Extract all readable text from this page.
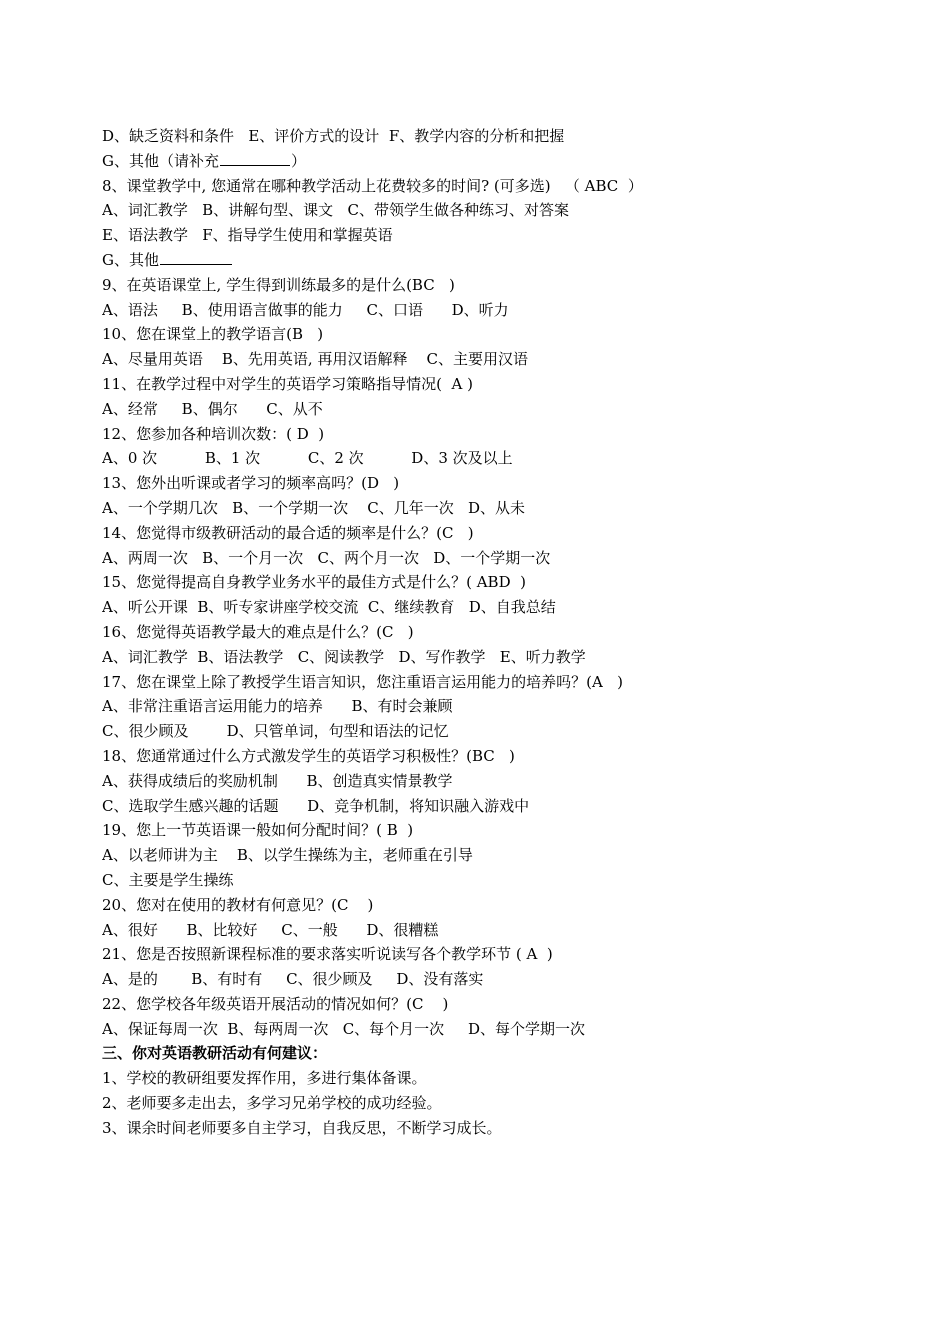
D、缺乏资料和条件   E、评价方式的设计  F、教学内容的分析和把握
G、其他（请补充	）
8、课堂教学中, 您通常在哪种教学活动上花费较多的时间? (可多选)   （ ABC  ）
A、词汇教学   B、讲解句型、课文   C、带领学生做各种练习、对答案
E、语法教学   F、指导学生使用和掌握英语
G、其他
9、在英语课堂上, 学生得到训练最多的是什么(BC   )
A、语法     B、使用语言做事的能力     C、口语      D、听力
10、您在课堂上的教学语言(B   )
A、尽量用英语    B、先用英语, 再用汉语解释    C、主要用汉语
11、在教学过程中对学生的英语学习策略指导情况(  A )
A、经常     B、偶尔      C、从不
12、您参加各种培训次数：( D  )
A、0 次          B、1 次          C、2 次          D、3 次及以上
13、您外出听课或者学习的频率高吗？(D   )
A、一个学期几次   B、一个学期一次    C、几年一次   D、从未
14、您觉得市级教研活动的最合适的频率是什么？(C   )
A、两周一次   B、一个月一次   C、两个月一次   D、一个学期一次
15、您觉得提高自身教学业务水平的最佳方式是什么？( ABD  )
A、听公开课  B、听专家讲座学校交流  C、继续教育   D、自我总结
16、您觉得英语教学最大的难点是什么？(C   )
A、词汇教学  B、语法教学   C、阅读教学   D、写作教学   E、听力教学
17、您在课堂上除了教授学生语言知识，您注重语言运用能力的培养吗？(A   )
A、非常注重语言运用能力的培养      B、有时会兼顾
C、很少顾及        D、只管单词，句型和语法的记忆
18、您通常通过什么方式激发学生的英语学习积极性？(BC   )
A、获得成绩后的奖励机制      B、创造真实情景教学
C、选取学生感兴趣的话题      D、竞争机制，将知识融入游戏中
19、您上一节英语课一般如何分配时间？( B  )
A、以老师讲为主    B、以学生操练为主，老师重在引导
C、主要是学生操练
20、您对在使用的教材有何意见？(C    )
A、很好      B、比较好     C、一般      D、很糟糕
21、您是否按照新课程标准的要求落实听说读写各个教学环节 ( A  )
A、是的       B、有时有     C、很少顾及     D、没有落实
22、您学校各年级英语开展活动的情况如何？(C    )
A、保证每周一次  B、每两周一次   C、每个月一次     D、每个学期一次
三、你对英语教研活动有何建议：
1、学校的教研组要发挥作用，多进行集体备课。
2、老师要多走出去，多学习兄弟学校的成功经验。
3、课余时间老师要多自主学习，自我反思，不断学习成长。
